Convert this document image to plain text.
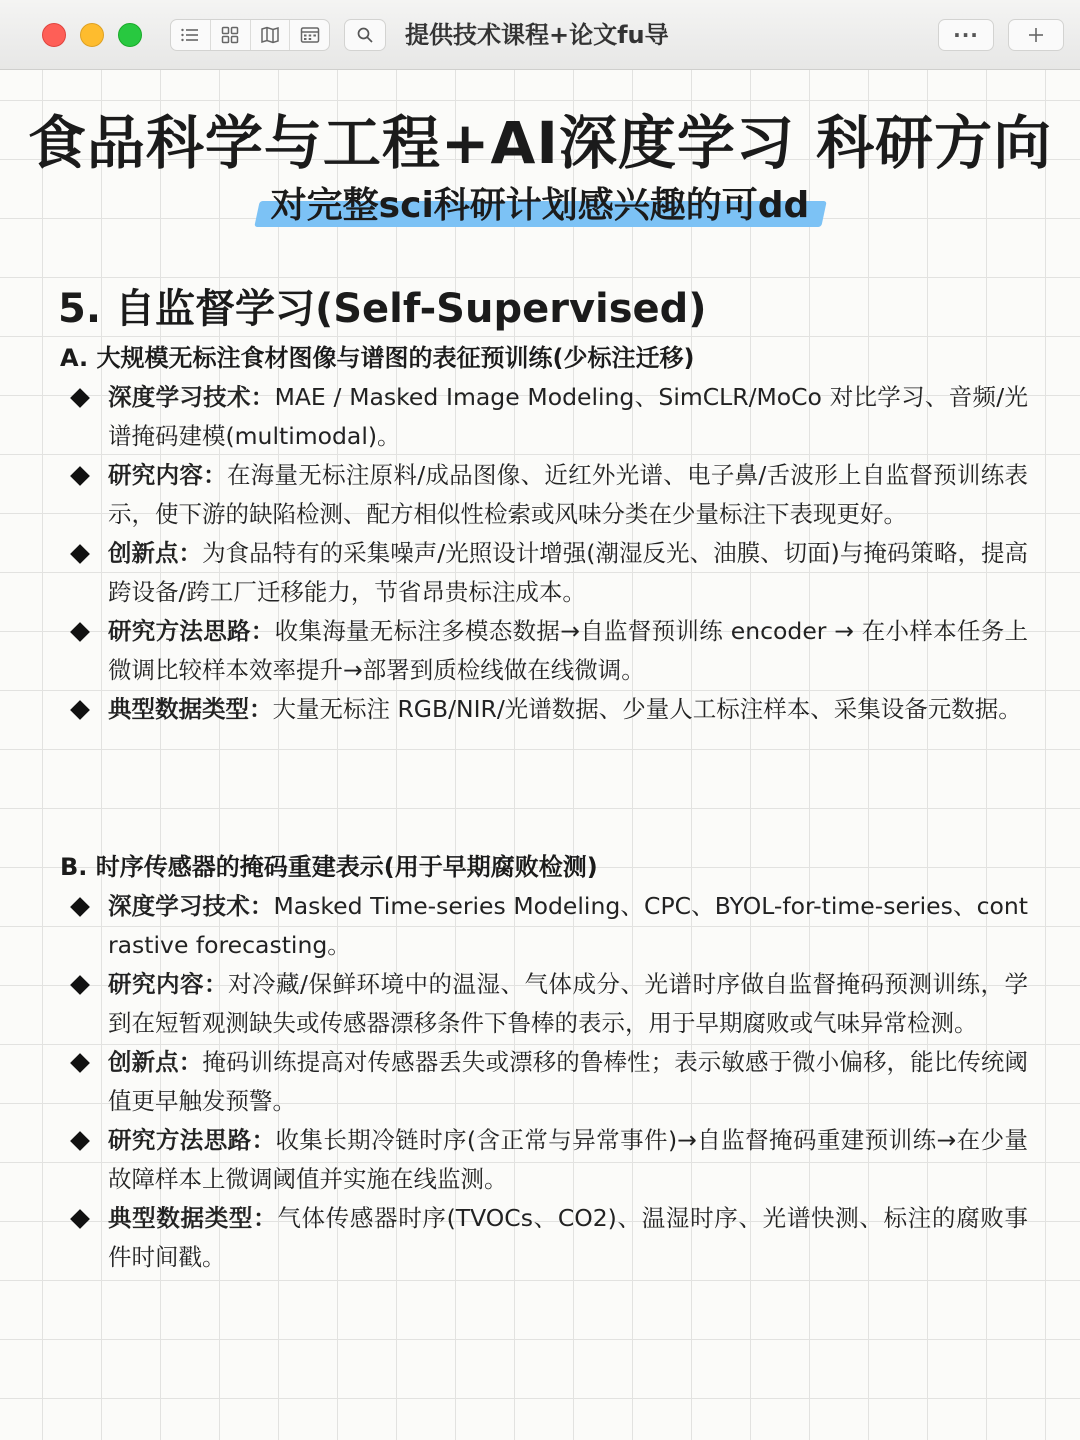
提供技术课程+论文fu导	···
食品科学与工程+AI深度学习 科研方向
对完整sci科研计划感兴趣的可dd
5. 自监督学习(Self-Supervised)
A. 大规模无标注食材图像与谱图的表征预训练(少标注迁移)
深度学习技术：MAE / Masked Image Modeling、SimCLR/MoCo 对比学习、音频/光谱掩码建模(multimodal)。
研究内容：在海量无标注原料/成品图像、近红外光谱、电子鼻/舌波形上自监督预训练表示，使下游的缺陷检测、配方相似性检索或风味分类在少量标注下表现更好。
创新点：为食品特有的采集噪声/光照设计增强(潮湿反光、油膜、切面)与掩码策略，提高跨设备/跨工厂迁移能力，节省昂贵标注成本。
研究方法思路：收集海量无标注多模态数据→自监督预训练 encoder → 在小样本任务上微调比较样本效率提升→部署到质检线做在线微调。
典型数据类型：大量无标注 RGB/NIR/光谱数据、少量人工标注样本、采集设备元数据。
B. 时序传感器的掩码重建表示(用于早期腐败检测)
深度学习技术：Masked Time-series Modeling、CPC、BYOL-for-time-series、contrastive forecasting。
研究内容：对冷藏/保鲜环境中的温湿、气体成分、光谱时序做自监督掩码预测训练，学到在短暂观测缺失或传感器漂移条件下鲁棒的表示，用于早期腐败或气味异常检测。
创新点：掩码训练提高对传感器丢失或漂移的鲁棒性；表示敏感于微小偏移，能比传统阈值更早触发预警。
研究方法思路：收集长期冷链时序(含正常与异常事件)→自监督掩码重建预训练→在少量故障样本上微调阈值并实施在线监测。
典型数据类型：气体传感器时序(TVOCs、CO2)、温湿时序、光谱快测、标注的腐败事件时间戳。
